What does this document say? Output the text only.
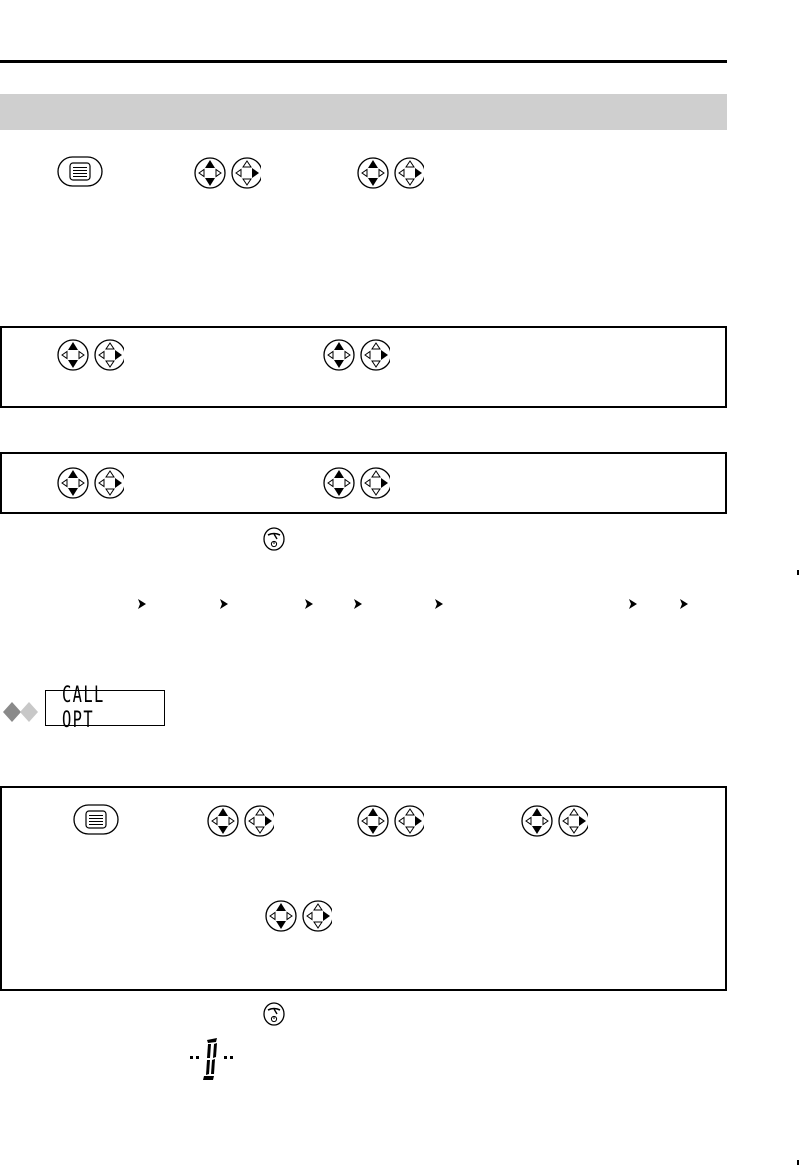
CALL OPT
